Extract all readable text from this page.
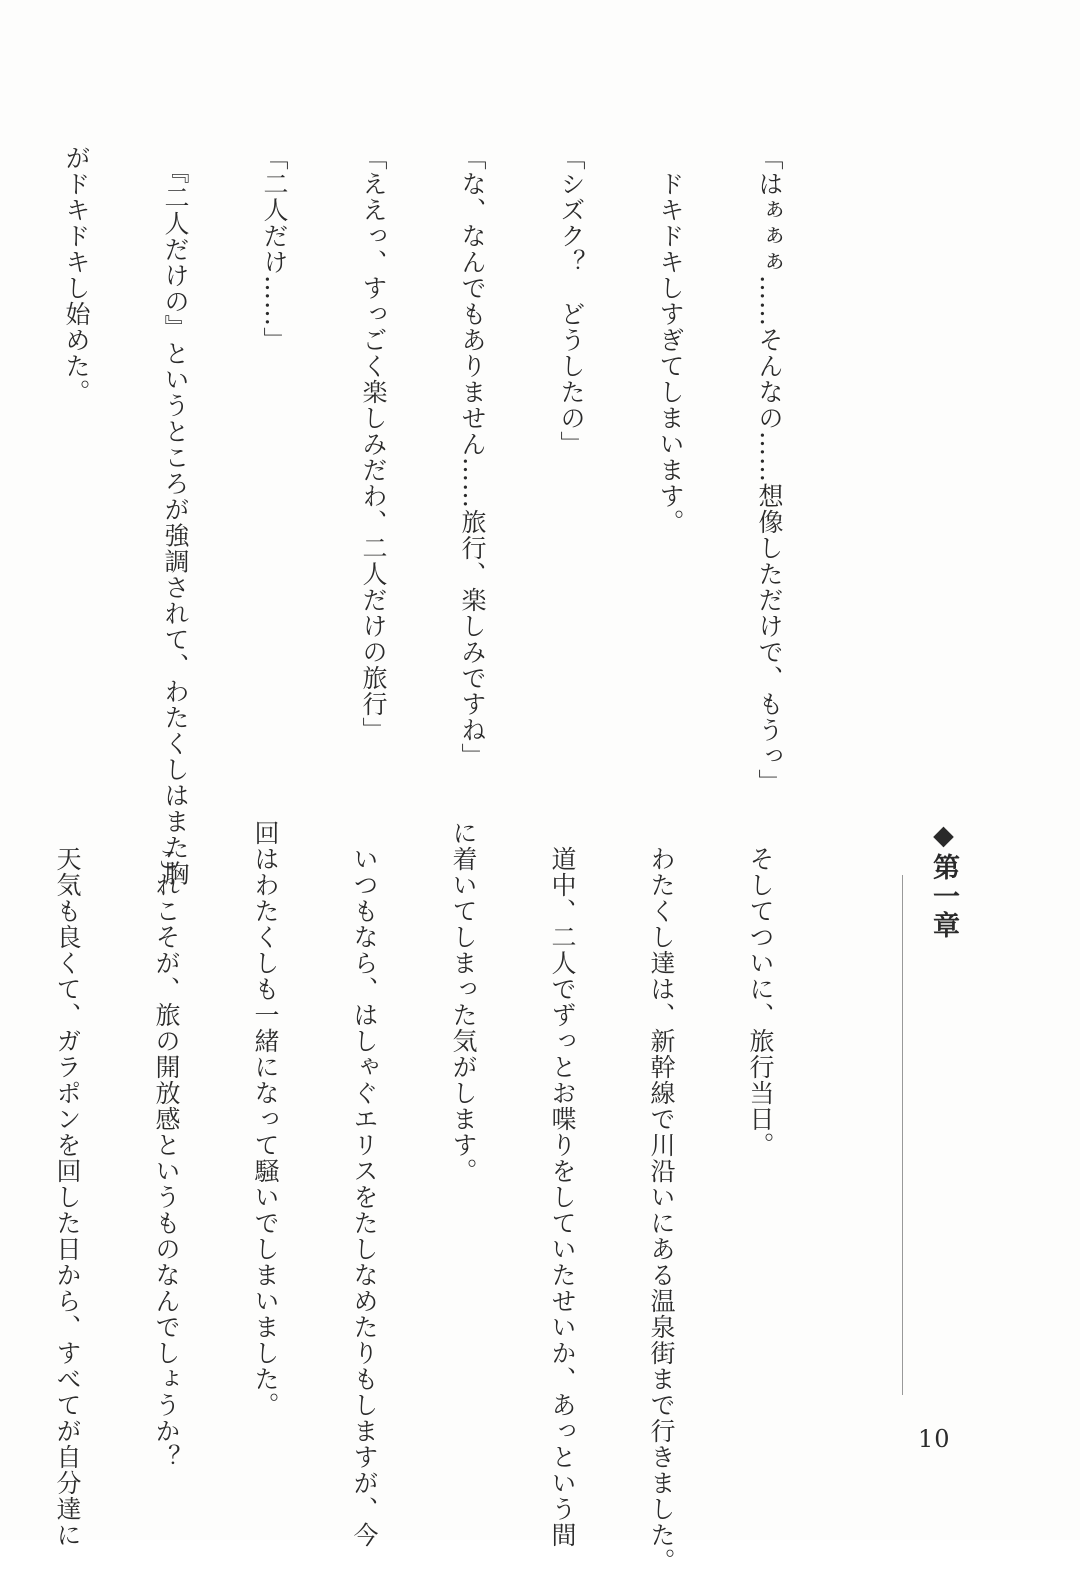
「はぁぁぁ……そんなの……想像しただけで、もうっ」

　ドキドキしすぎてしまいます。

「シズク？　どうしたの」

「な、なんでもありません……旅行、楽しみですね」

「ええっ、すっごく楽しみだわ、二人だけの旅行」

「二人だけ……」

　『二人だけの』というところが強調されて、わたくしはまた胸

がドキドキし始めた。

◆第一章

　そしてついに、旅行当日。

　わたくし達は、新幹線で川沿いにある温泉街まで行きました。

　道中、二人でずっとお喋りをしていたせいか、あっという間

に着いてしまった気がします。

　いつもなら、はしゃぐエリスをたしなめたりもしますが、今

回はわたくしも一緒になって騒いでしまいました。

　これこそが、旅の開放感というものなんでしょうか？

　天気も良くて、ガラポンを回した日から、すべてが自分達に

	10
